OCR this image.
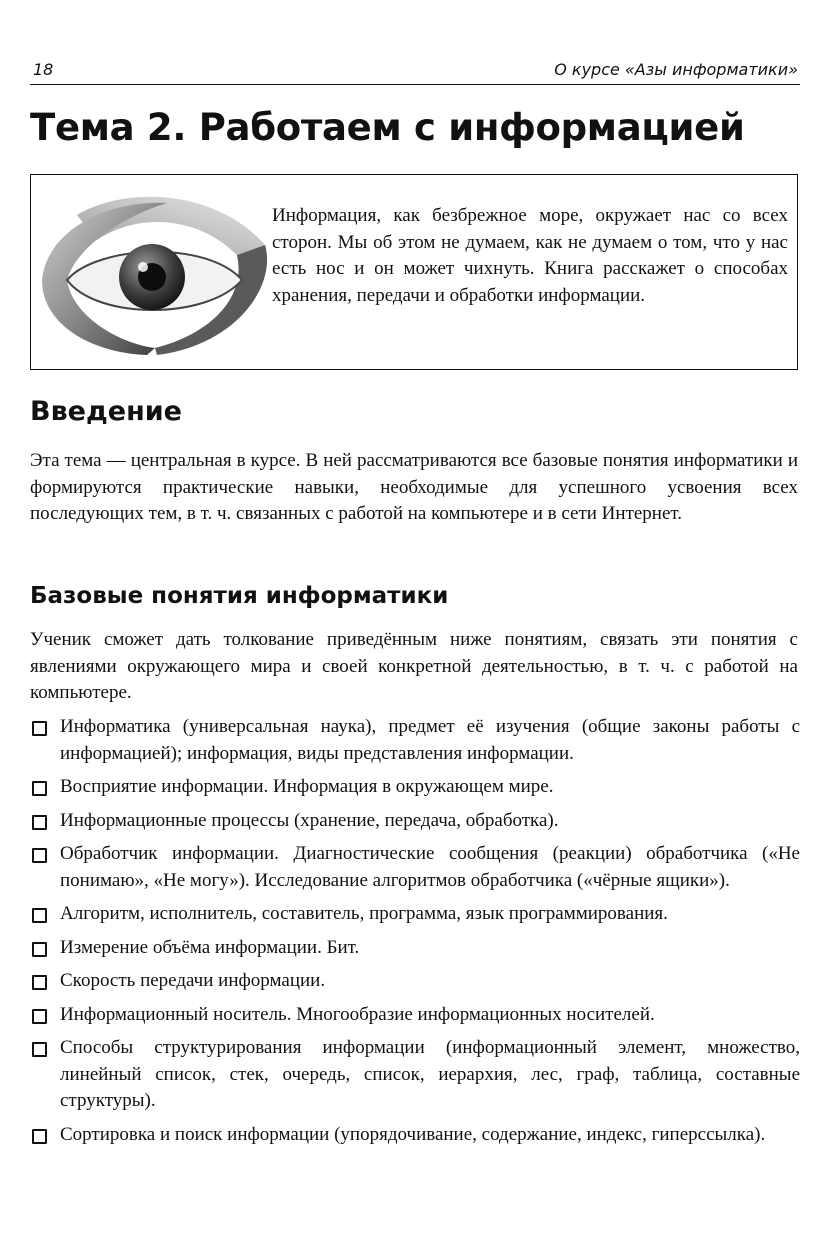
18	О курсе «Азы информатики»
Тема 2. Работаем с информацией

Информация, как безбрежное море, окружает нас со всех сторон. Мы об этом не думаем, как не думаем о том, что у нас есть нос и он может чихнуть. Книга расскажет о способах хранения, передачи и обработки информации.

Введение

Эта тема — центральная в курсе. В ней рассматриваются все базовые понятия информатики и формируются практические навыки, необходимые для успешного усвоения всех последующих тем, в т. ч. связанных с работой на компьютере и в сети Интернет.

Базовые понятия информатики

Ученик сможет дать толкование приведённым ниже понятиям, связать эти понятия с явлениями окружающего мира и своей конкретной деятельностью, в т. ч. с работой на компьютере.

Информатика (универсальная наука), предмет её изучения (общие законы работы с информацией); информация, виды представления информации.
Восприятие информации. Информация в окружающем мире.
Информационные процессы (хранение, передача, обработка).
Обработчик информации. Диагностические сообщения (реакции) обработчика («Не понимаю», «Не могу»). Исследование алгоритмов обработчика («чёрные ящики»).
Алгоритм, исполнитель, составитель, программа, язык программирования.
Измерение объёма информации. Бит.
Скорость передачи информации.
Информационный носитель. Многообразие информационных носителей.
Способы структурирования информации (информационный элемент, множество, линейный список, стек, очередь, список, иерархия, лес, граф, таблица, составные структуры).
Сортировка и поиск информации (упорядочивание, содержание, индекс, гиперссылка).
